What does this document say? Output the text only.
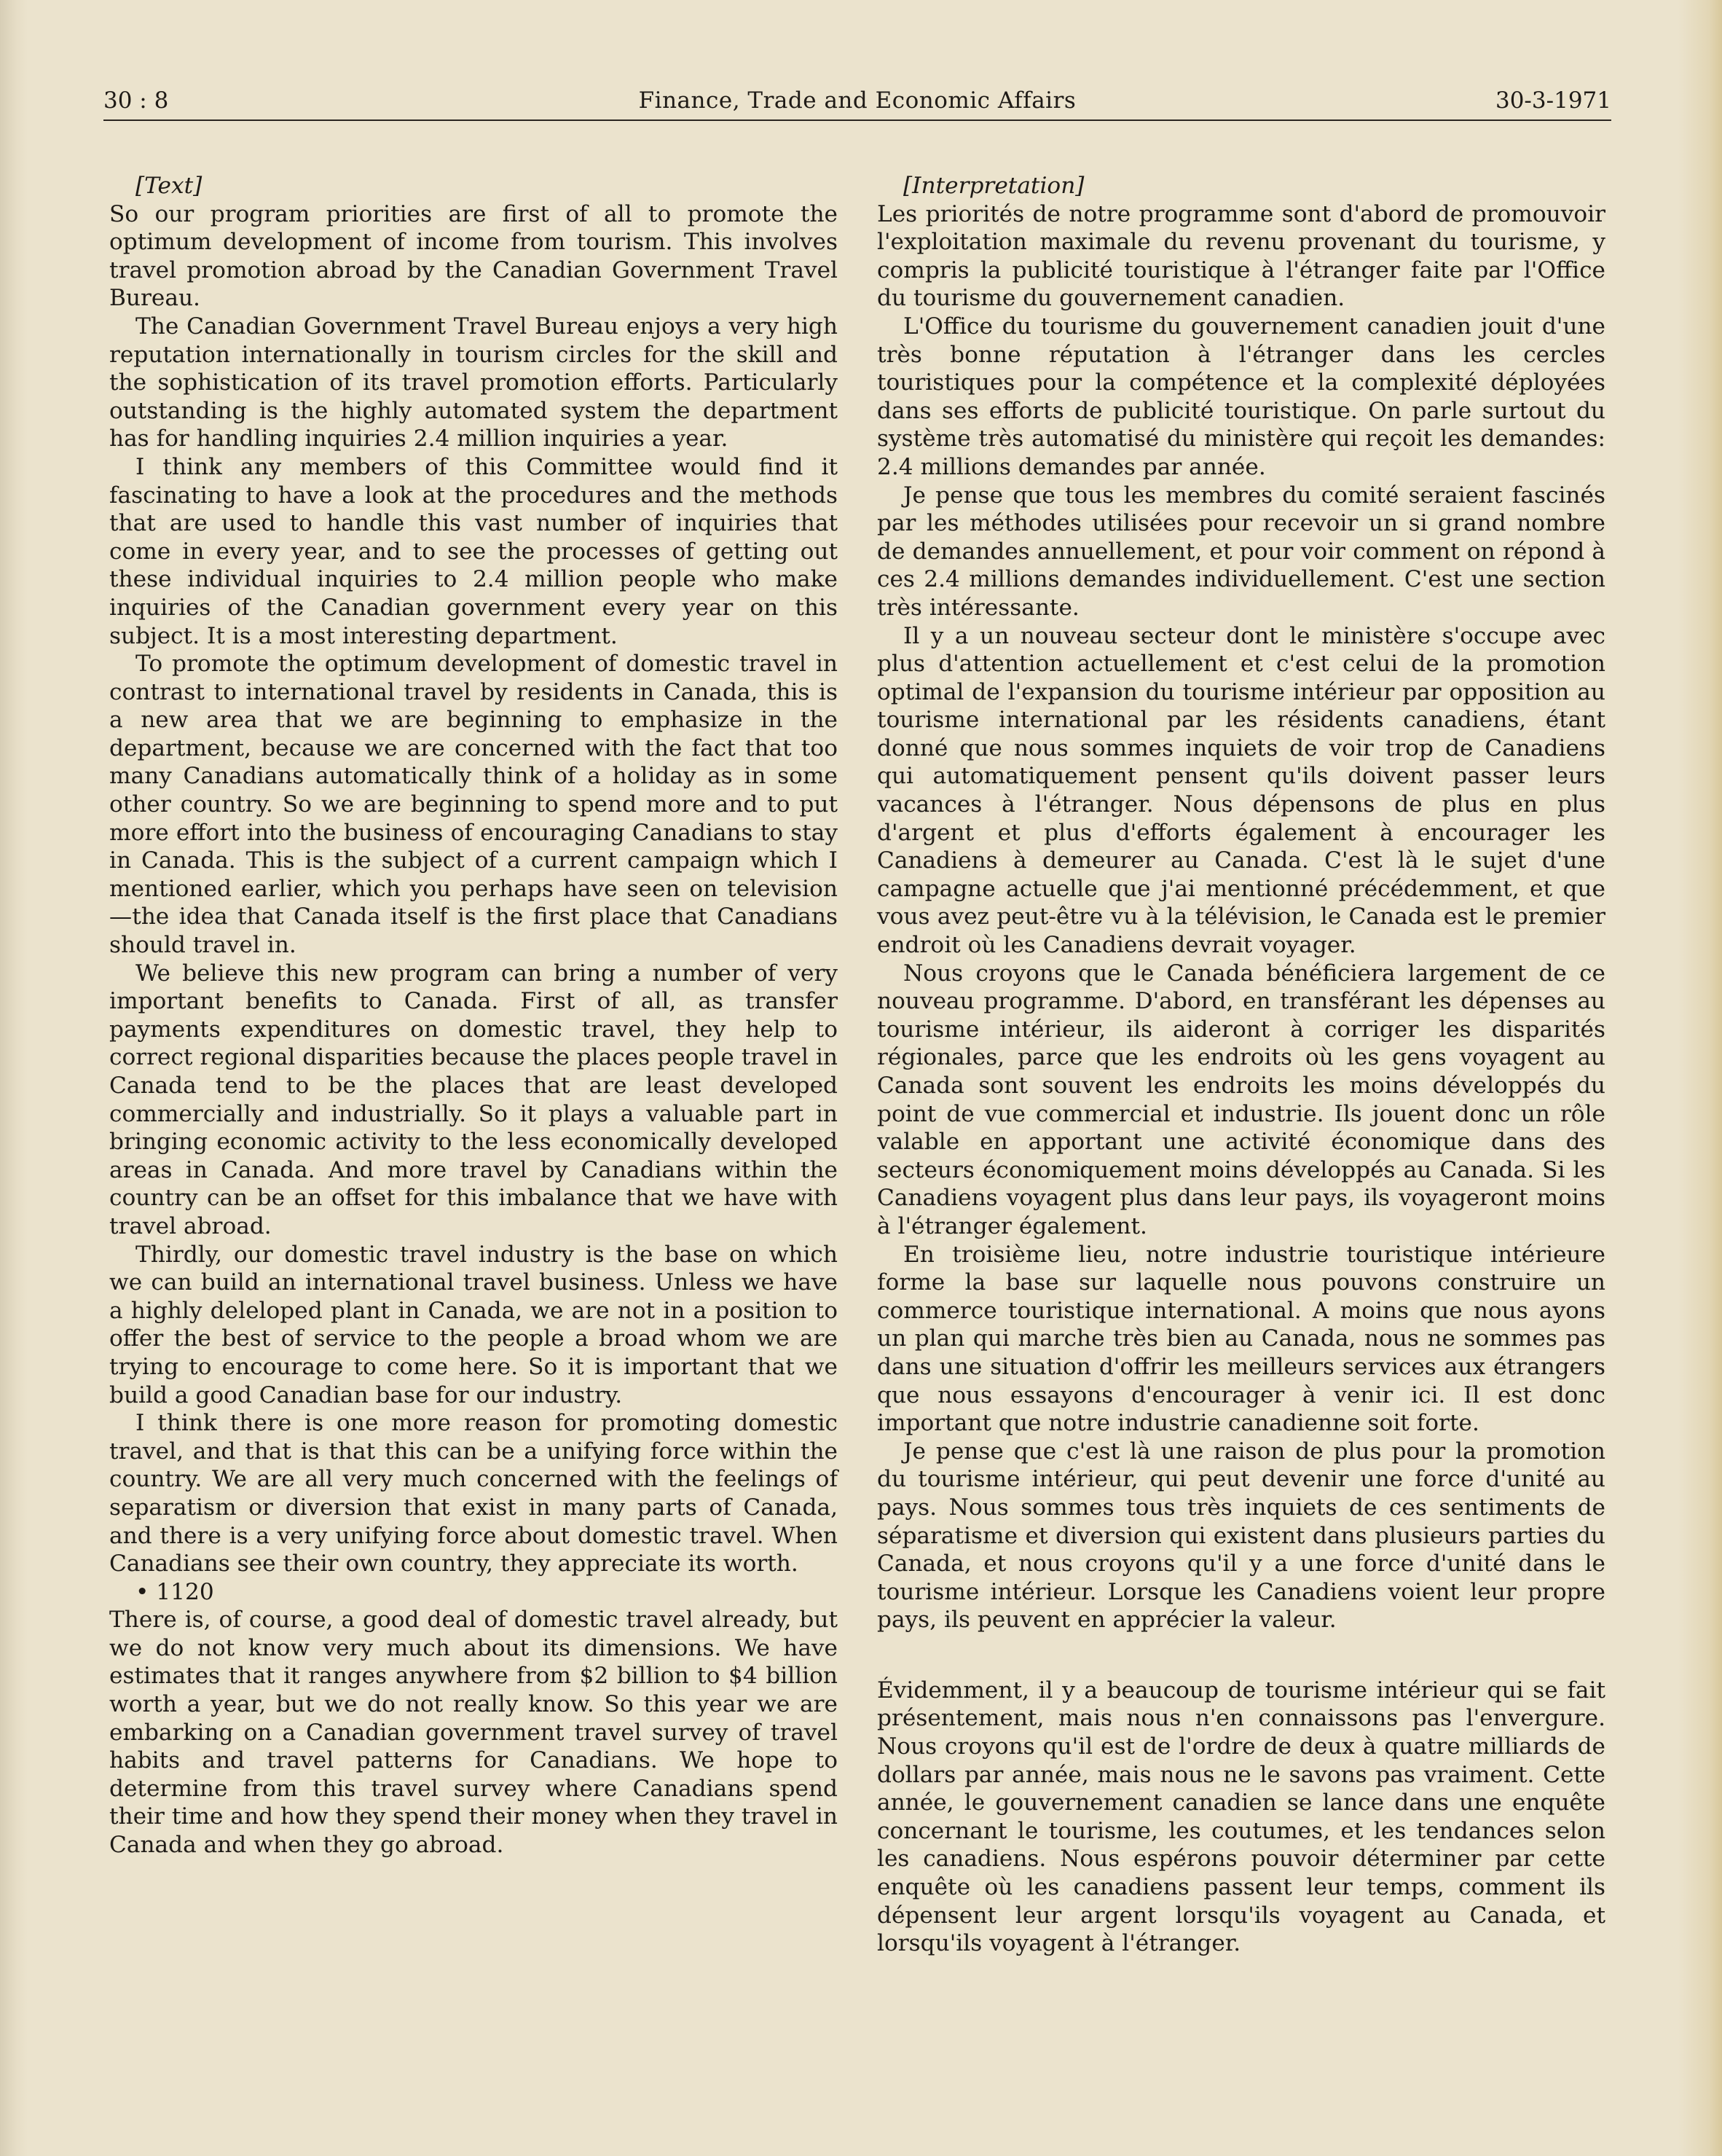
30 : 8	Finance, Trade and Economic Affairs	30-3-1971

[Text]

So our program priorities are first of all to promote the optimum development of income from tourism. This involves travel promotion abroad by the Canadian Government Travel Bureau.

The Canadian Government Travel Bureau enjoys a very high reputation internationally in tourism circles for the skill and the sophistication of its travel promotion efforts. Particularly outstanding is the highly automated system the department has for handling inquiries 2.4 million inquiries a year.

I think any members of this Committee would find it fascinating to have a look at the procedures and the methods that are used to handle this vast number of inquiries that come in every year, and to see the processes of getting out these individual inquiries to 2.4 million people who make inquiries of the Canadian government every year on this subject. It is a most interesting department.

To promote the optimum development of domestic travel in contrast to international travel by residents in Canada, this is a new area that we are beginning to emphasize in the department, because we are concerned with the fact that too many Canadians automatically think of a holiday as in some other country. So we are beginning to spend more and to put more effort into the business of encouraging Canadians to stay in Canada. This is the subject of a current campaign which I mentioned earlier, which you perhaps have seen on television—the idea that Canada itself is the first place that Canadians should travel in.

We believe this new program can bring a number of very important benefits to Canada. First of all, as transfer payments expenditures on domestic travel, they help to correct regional disparities because the places people travel in Canada tend to be the places that are least developed commercially and industrially. So it plays a valuable part in bringing economic activity to the less economically developed areas in Canada. And more travel by Canadians within the country can be an offset for this imbalance that we have with travel abroad.

Thirdly, our domestic travel industry is the base on which we can build an international travel business. Unless we have a highly deleloped plant in Canada, we are not in a position to offer the best of service to the people a broad whom we are trying to encourage to come here. So it is important that we build a good Canadian base for our industry.

I think there is one more reason for promoting domestic travel, and that is that this can be a unifying force within the country. We are all very much concerned with the feelings of separatism or diversion that exist in many parts of Canada, and there is a very unifying force about domestic travel. When Canadians see their own country, they appreciate its worth.

• 1120

There is, of course, a good deal of domestic travel already, but we do not know very much about its dimensions. We have estimates that it ranges anywhere from $2 billion to $4 billion worth a year, but we do not really know. So this year we are embarking on a Canadian government travel survey of travel habits and travel patterns for Canadians. We hope to determine from this travel survey where Canadians spend their time and how they spend their money when they travel in Canada and when they go abroad.

[Interpretation]

Les priorités de notre programme sont d'abord de promouvoir l'exploitation maximale du revenu provenant du tourisme, y compris la publicité touristique à l'étranger faite par l'Office du tourisme du gouvernement canadien.

L'Office du tourisme du gouvernement canadien jouit d'une très bonne réputation à l'étranger dans les cercles touristiques pour la compétence et la complexité déployées dans ses efforts de publicité touristique. On parle surtout du système très automatisé du ministère qui reçoit les demandes: 2.4 millions demandes par année.

Je pense que tous les membres du comité seraient fascinés par les méthodes utilisées pour recevoir un si grand nombre de demandes annuellement, et pour voir comment on répond à ces 2.4 millions demandes individuellement. C'est une section très intéressante.

Il y a un nouveau secteur dont le ministère s'occupe avec plus d'attention actuellement et c'est celui de la promotion optimal de l'expansion du tourisme intérieur par opposition au tourisme international par les résidents canadiens, étant donné que nous sommes inquiets de voir trop de Canadiens qui automatiquement pensent qu'ils doivent passer leurs vacances à l'étranger. Nous dépensons de plus en plus d'argent et plus d'efforts également à encourager les Canadiens à demeurer au Canada. C'est là le sujet d'une campagne actuelle que j'ai mentionné précédemment, et que vous avez peut-être vu à la télévision, le Canada est le premier endroit où les Canadiens devrait voyager.

Nous croyons que le Canada bénéficiera largement de ce nouveau programme. D'abord, en transférant les dépenses au tourisme intérieur, ils aideront à corriger les disparités régionales, parce que les endroits où les gens voyagent au Canada sont souvent les endroits les moins développés du point de vue commercial et industrie. Ils jouent donc un rôle valable en apportant une activité économique dans des secteurs économiquement moins développés au Canada. Si les Canadiens voyagent plus dans leur pays, ils voyageront moins à l'étranger également.

En troisième lieu, notre industrie touristique intérieure forme la base sur laquelle nous pouvons construire un commerce touristique international. A moins que nous ayons un plan qui marche très bien au Canada, nous ne sommes pas dans une situation d'offrir les meilleurs services aux étrangers que nous essayons d'encourager à venir ici. Il est donc important que notre industrie canadienne soit forte.

Je pense que c'est là une raison de plus pour la promotion du tourisme intérieur, qui peut devenir une force d'unité au pays. Nous sommes tous très inquiets de ces sentiments de séparatisme et diversion qui existent dans plusieurs parties du Canada, et nous croyons qu'il y a une force d'unité dans le tourisme intérieur. Lorsque les Canadiens voient leur propre pays, ils peuvent en apprécier la valeur.

Évidemment, il y a beaucoup de tourisme intérieur qui se fait présentement, mais nous n'en connaissons pas l'envergure. Nous croyons qu'il est de l'ordre de deux à quatre milliards de dollars par année, mais nous ne le savons pas vraiment. Cette année, le gouvernement canadien se lance dans une enquête concernant le tourisme, les coutumes, et les tendances selon les canadiens. Nous espérons pouvoir déterminer par cette enquête où les canadiens passent leur temps, comment ils dépensent leur argent lorsqu'ils voyagent au Canada, et lorsqu'ils voyagent à l'étranger.
